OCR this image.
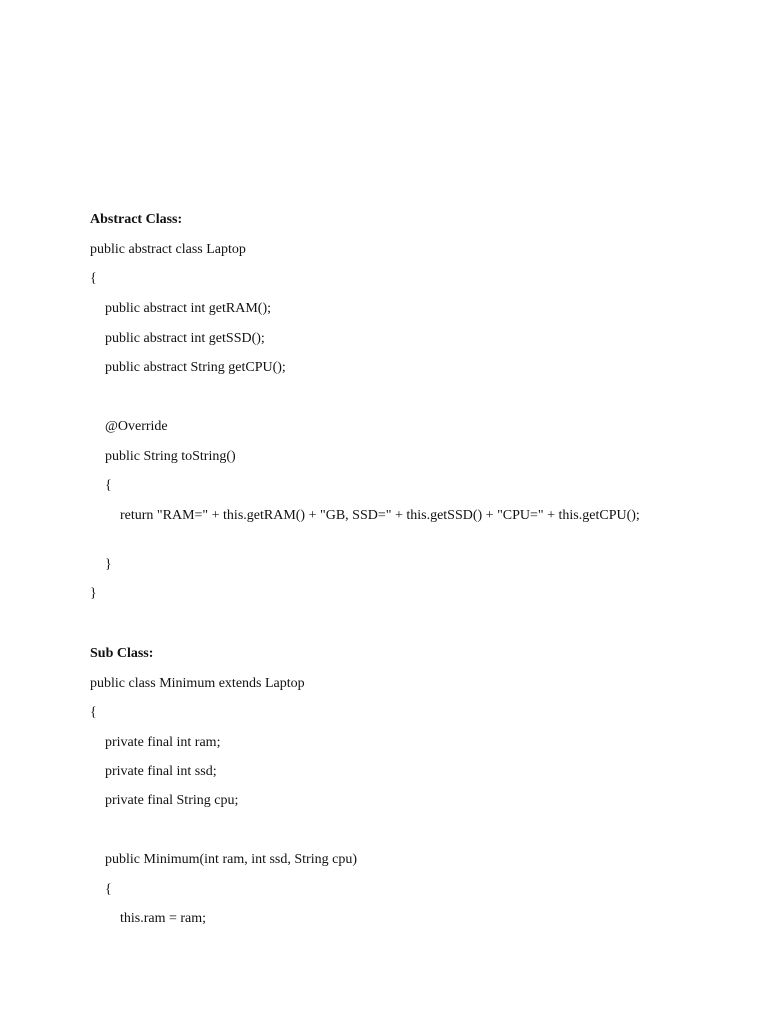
Abstract Class:
public abstract class Laptop
{
public abstract int getRAM();
public abstract int getSSD();
public abstract String getCPU();
@Override
public String toString()
{
return "RAM=" + this.getRAM() + "GB, SSD=" + this.getSSD() + "CPU=" + this.getCPU();
}
}
Sub Class:
public class Minimum extends Laptop
{
private final int ram;
private final int ssd;
private final String cpu;
public Minimum(int ram, int ssd, String cpu)
{
this.ram = ram;
